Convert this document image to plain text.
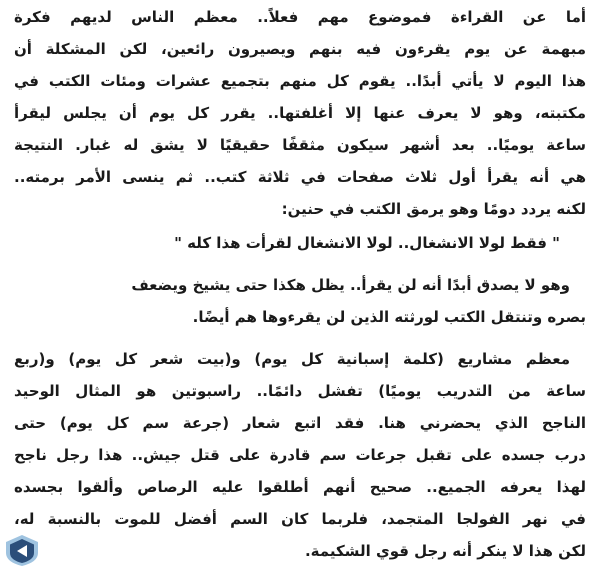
أما عن القراءة فموضوع مهم فعلاً.. معظم الناس لديهم فكرة
مبهمة عن يوم يقرءون فيه بنهم ويصيرون رائعين، لكن المشكلة أن
هذا اليوم لا يأتي أبدًا.. يقوم كل منهم بتجميع عشرات ومئات الكتب في
مكتبته، وهو لا يعرف عنها إلا أغلفتها.. يقرر كل يوم أن يجلس ليقرأ
ساعة يوميًا.. بعد أشهر سيكون مثقفًا حقيقيًا لا يشق له غبار. النتيجة
هي أنه يقرأ أول ثلاث صفحات في ثلاثة كتب.. ثم ينسى الأمر برمته..
لكنه يردد دومًا وهو يرمق الكتب في حنين:
" فقط لولا الانشغال.. لولا الانشغال لقرأت هذا كله "
وهو لا يصدق أبدًا أنه لن يقرأ.. يظل هكذا حتى يشيخ ويضعف
بصره وتنتقل الكتب لورثته الذين لن يقرءوها هم أيضًا.
معظم مشاريع (كلمة إسبانية كل يوم) و(بيت شعر كل يوم) و(ربع
ساعة من التدريب يوميًا) تفشل دائمًا.. راسبوتين هو المثال الوحيد
الناجح الذي يحضرني هنا. فقد اتبع شعار (جرعة سم كل يوم) حتى
درب جسده على تقبل جرعات سم قادرة على قتل جيش.. هذا رجل ناجح
لهذا يعرفه الجميع.. صحيح أنهم أطلقوا عليه الرصاص وألقوا بجسده
في نهر الفولجا المتجمد، فلربما كان السم أفضل للموت بالنسبة له،
لكن هذا لا ينكر أنه رجل قوي الشكيمة.
